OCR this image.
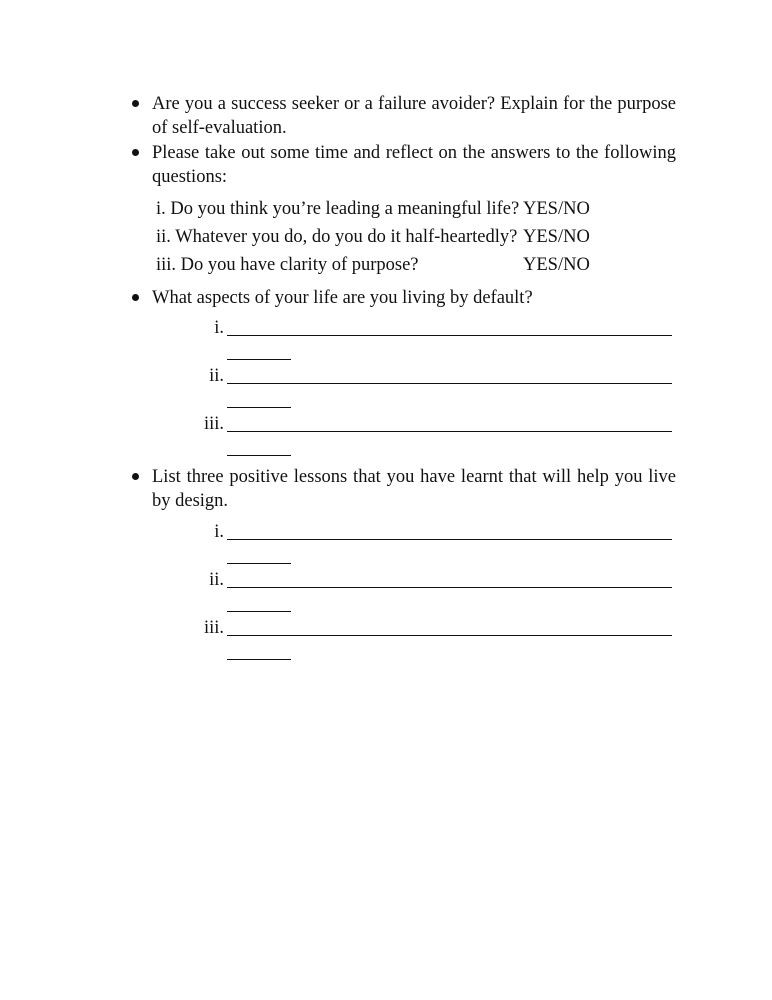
Are you a success seeker or a failure avoider? Explain for the purpose of self-evaluation.
Please take out some time and reflect on the answers to the following questions:
i. Do you think you’re leading a meaningful life? YES/NO
ii. Whatever you do, do you do it half-heartedly? YES/NO
iii. Do you have clarity of purpose?	YES/NO
What aspects of your life are you living by default?
i.
ii.
iii.
List three positive lessons that you have learnt that will help you live by design.
i.
ii.
iii.
